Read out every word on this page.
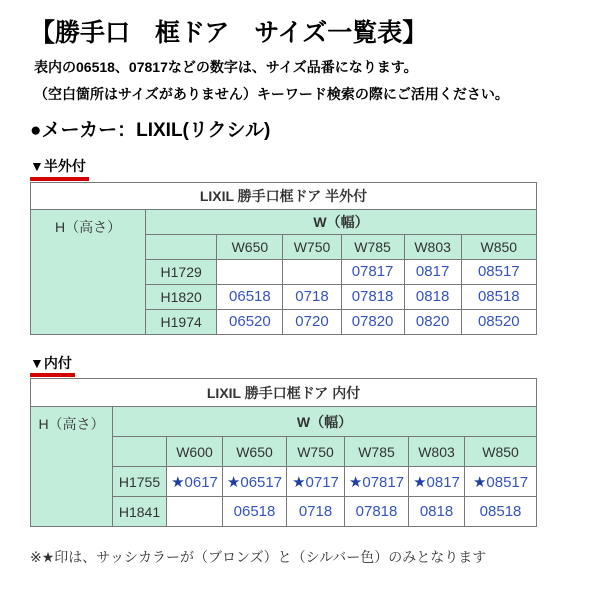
【勝手口　框ドア　サイズ一覧表】

表内の06518、07817などの数字は、サイズ品番になります。

（空白箇所はサイズがありません）キーワード検索の際にご活用ください。

●メーカー：LIXIL(リクシル)
▼半外付
LIXIL 勝手口框ドア 半外付						
H（高さ）	W（幅）					
		W650	W750	W785	W803	W850
	H1729			07817	0817	08517
	H1820	06518	0718	07818	0818	08518
	H1974	06520	0720	07820	0820	08520
▼内付
LIXIL 勝手口框ドア 内付							
H（高さ）	W（幅）						
		W600	W650	W750	W785	W803	W850
	H1755	★0617	★06517	★0717	★07817	★0817	★08517
	H1841		06518	0718	07818	0818	08518

※★印は、サッシカラーが（ブロンズ）と（シルバー色）のみとなります
